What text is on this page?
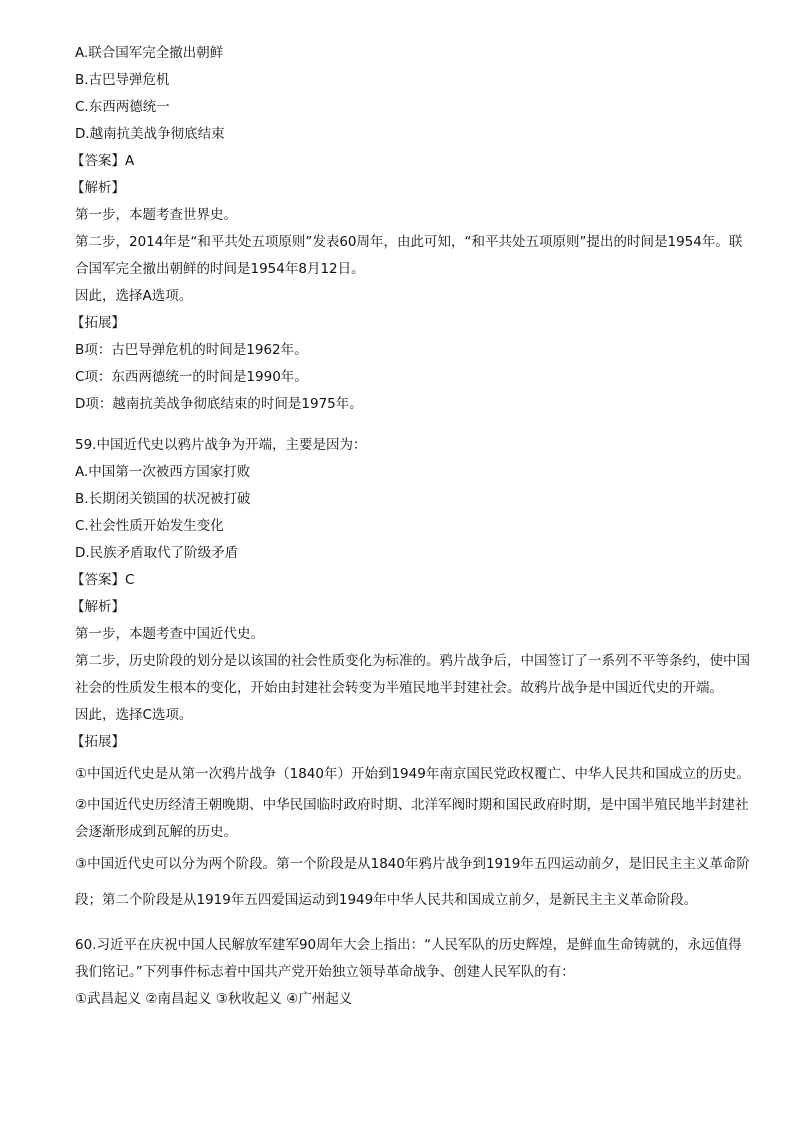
A.联合国军完全撤出朝鲜

B.古巴导弹危机

C.东西两德统一

D.越南抗美战争彻底结束

【答案】A

【解析】

第一步，本题考查世界史。

第二步，2014年是“和平共处五项原则”发表60周年，由此可知，“和平共处五项原则”提出的时间是1954年。联合国军完全撤出朝鲜的时间是1954年8月12日。

因此，选择A选项。

【拓展】

B项：古巴导弹危机的时间是1962年。

C项：东西两德统一的时间是1990年。

D项：越南抗美战争彻底结束的时间是1975年。

59.中国近代史以鸦片战争为开端，主要是因为：

A.中国第一次被西方国家打败

B.长期闭关锁国的状况被打破

C.社会性质开始发生变化

D.民族矛盾取代了阶级矛盾

【答案】C

【解析】

第一步，本题考查中国近代史。

第二步，历史阶段的划分是以该国的社会性质变化为标准的。鸦片战争后，中国签订了一系列不平等条约，使中国社会的性质发生根本的变化，开始由封建社会转变为半殖民地半封建社会。故鸦片战争是中国近代史的开端。

因此，选择C选项。

【拓展】

①中国近代史是从第一次鸦片战争（1840年）开始到1949年南京国民党政权覆亡、中华人民共和国成立的历史。

②中国近代史历经清王朝晚期、中华民国临时政府时期、北洋军阀时期和国民政府时期，是中国半殖民地半封建社会逐渐形成到瓦解的历史。

③中国近代史可以分为两个阶段。第一个阶段是从1840年鸦片战争到1919年五四运动前夕，是旧民主主义革命阶段；第二个阶段是从1919年五四爱国运动到1949年中华人民共和国成立前夕，是新民主主义革命阶段。

60.习近平在庆祝中国人民解放军建军90周年大会上指出：“人民军队的历史辉煌，是鲜血生命铸就的，永远值得我们铭记。”下列事件标志着中国共产党开始独立领导革命战争、创建人民军队的有：

①武昌起义 ②南昌起义 ③秋收起义 ④广州起义
